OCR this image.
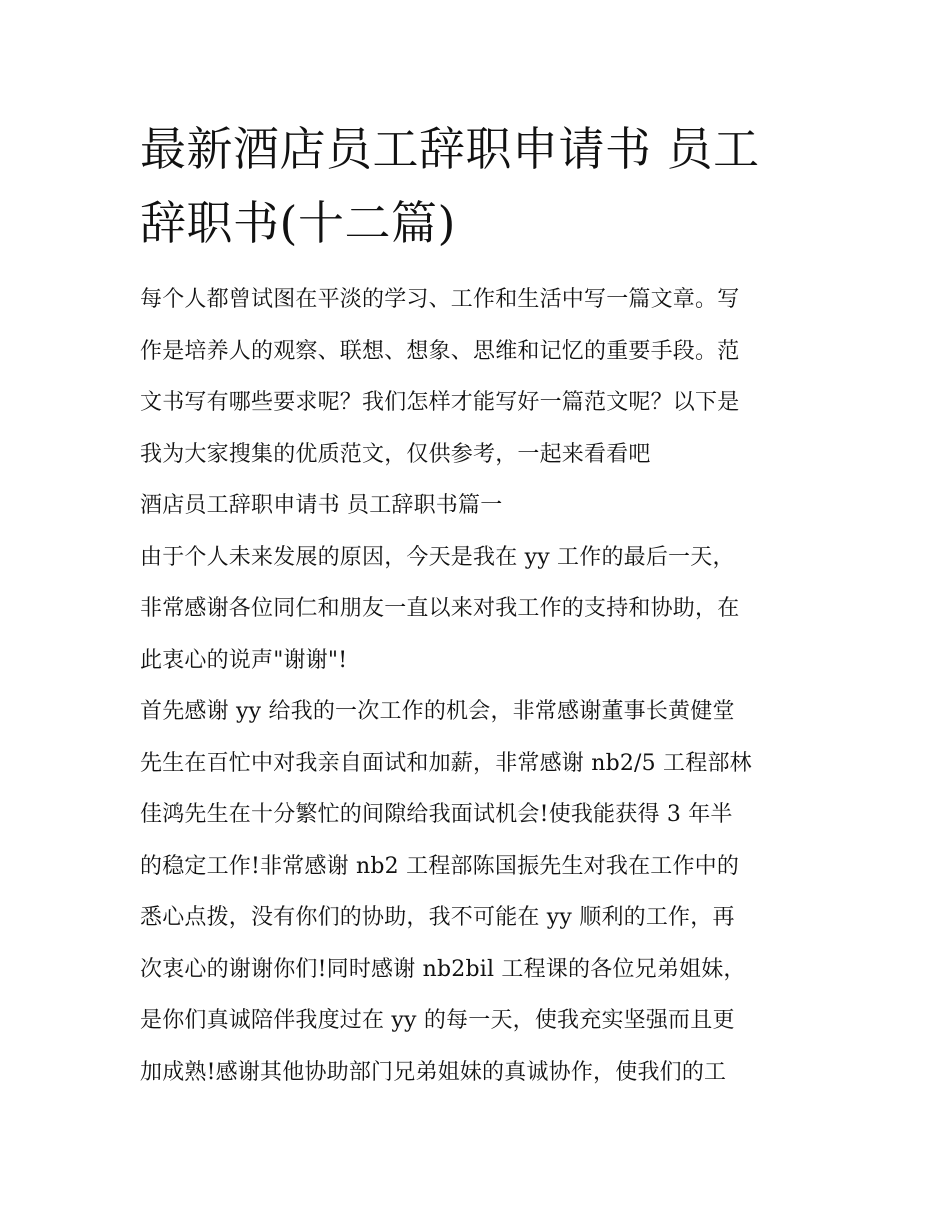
最新酒店员工辞职申请书 员工
辞职书(十二篇)
每个人都曾试图在平淡的学习、工作和生活中写一篇文章。写
作是培养人的观察、联想、想象、思维和记忆的重要手段。范
文书写有哪些要求呢？我们怎样才能写好一篇范文呢？以下是
我为大家搜集的优质范文，仅供参考，一起来看看吧
酒店员工辞职申请书 员工辞职书篇一
由于个人未来发展的原因，今天是我在 yy 工作的最后一天，
非常感谢各位同仁和朋友一直以来对我工作的支持和协助，在
此衷心的说声"谢谢"!
首先感谢 yy 给我的一次工作的机会，非常感谢董事长黄健堂
先生在百忙中对我亲自面试和加薪，非常感谢 nb2/5 工程部林
佳鸿先生在十分繁忙的间隙给我面试机会!使我能获得 3 年半
的稳定工作!非常感谢 nb2 工程部陈国振先生对我在工作中的
悉心点拨，没有你们的协助，我不可能在 yy 顺利的工作，再
次衷心的谢谢你们!同时感谢 nb2bil 工程课的各位兄弟姐妹，
是你们真诚陪伴我度过在 yy 的每一天，使我充实坚强而且更
加成熟!感谢其他协助部门兄弟姐妹的真诚协作，使我们的工
